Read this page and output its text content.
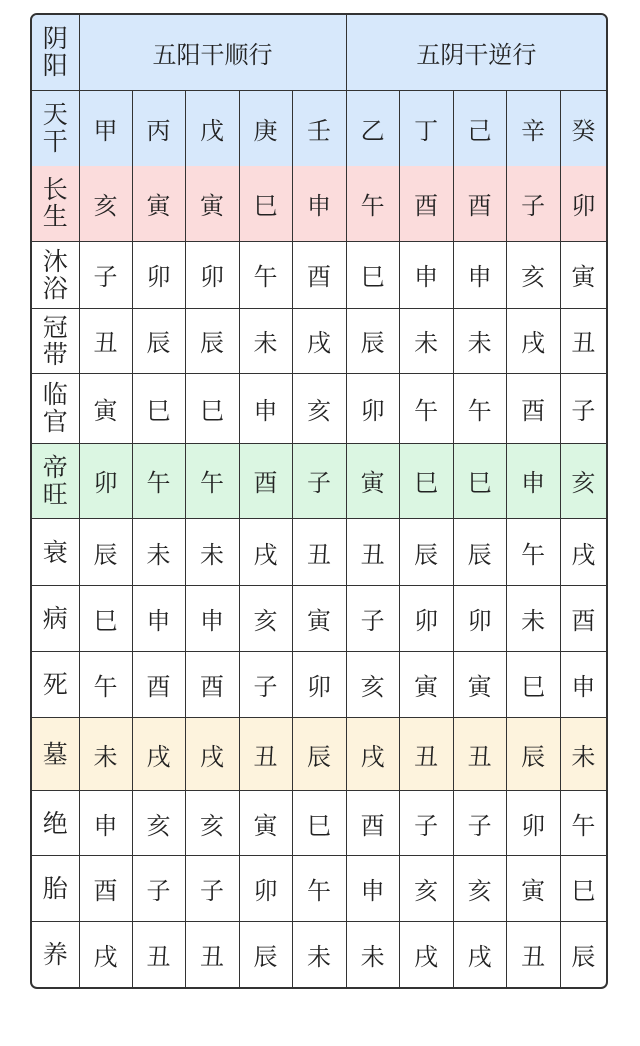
阴
阳	五阳干顺行					五阴干逆行				

天
干	甲	丙	戊	庚	壬	乙	丁	己	辛	癸

长
生	亥	寅	寅	巳	申	午	酉	酉	子	卯

沐
浴	子	卯	卯	午	酉	巳	申	申	亥	寅

冠
带	丑	辰	辰	未	戌	辰	未	未	戌	丑

临
官	寅	巳	巳	申	亥	卯	午	午	酉	子

帝
旺	卯	午	午	酉	子	寅	巳	巳	申	亥

衰	辰	未	未	戌	丑	丑	辰	辰	午	戌

病	巳	申	申	亥	寅	子	卯	卯	未	酉

死	午	酉	酉	子	卯	亥	寅	寅	巳	申

墓	未	戌	戌	丑	辰	戌	丑	丑	辰	未

绝	申	亥	亥	寅	巳	酉	子	子	卯	午

胎	酉	子	子	卯	午	申	亥	亥	寅	巳

养	戌	丑	丑	辰	未	未	戌	戌	丑	辰
